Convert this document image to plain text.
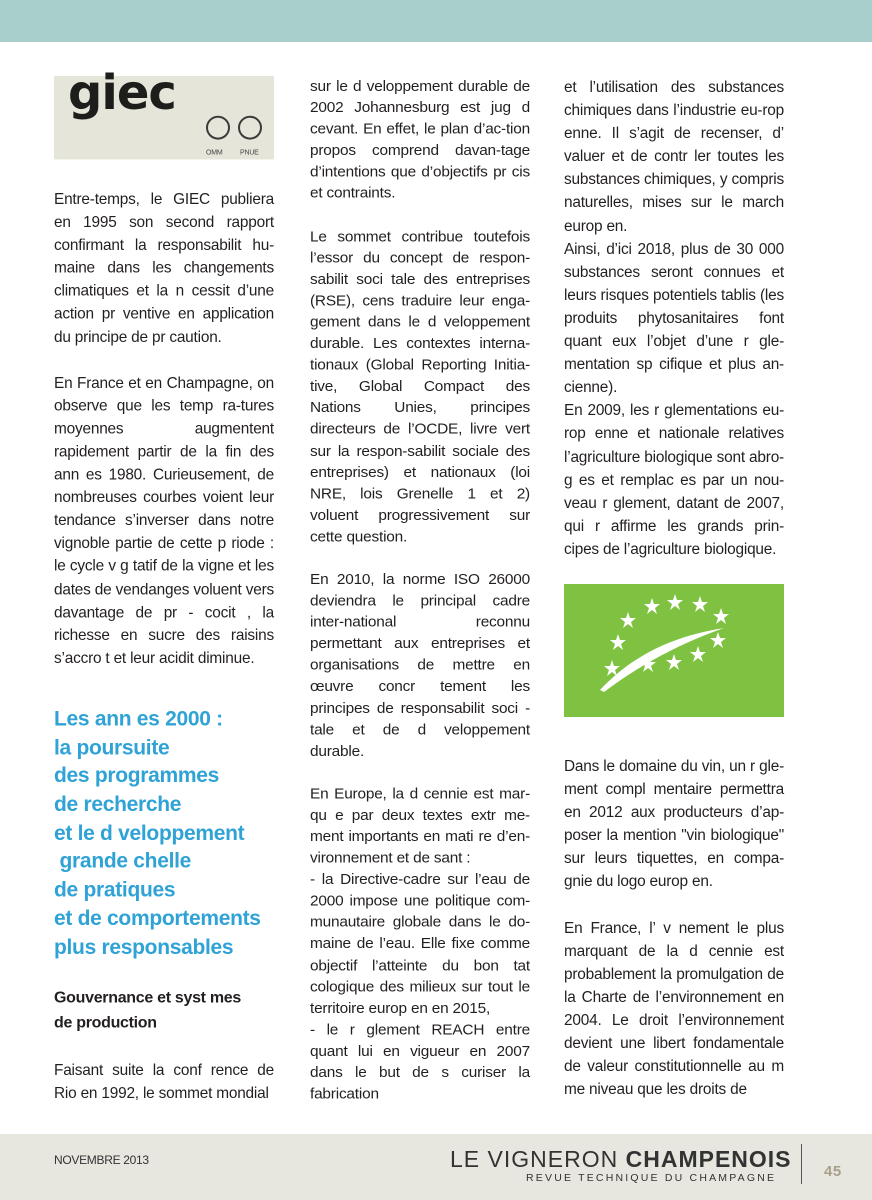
giec
OMM PNUE

Entre-temps, le GIEC publiera en 1995 son second rapport confirmant la responsabilit hu-maine dans les changements climatiques et la n cessit d’une action pr ventive en application du principe de pr caution.

En France et en Champagne, on observe que les temp ra-tures moyennes augmentent rapidement partir de la fin des ann es 1980. Curieusement, de nombreuses courbes voient leur tendance s’inverser dans notre vignoble partie de cette p riode : le cycle v g tatif de la vigne et les dates de vendanges voluent vers davantage de pr - cocit , la richesse en sucre des raisins s’accro t et leur acidit diminue.

Les ann es 2000 :
la poursuite
des programmes
de recherche
et le d veloppement
grande chelle
de pratiques
et de comportements
plus responsables
Gouvernance et syst mes
de production

Faisant suite la conf rence de Rio en 1992, le sommet mondial

sur le d veloppement durable de 2002 Johannesburg est jug d cevant. En effet, le plan d’ac-tion propos comprend davan-tage d’intentions que d’objectifs pr cis et contraints.

Le sommet contribue toutefois l’essor du concept de respon-sabilit soci tale des entreprises (RSE), cens traduire leur enga-gement dans le d veloppement durable. Les contextes interna-tionaux (Global Reporting Initia-tive, Global Compact des Nations Unies, principes directeurs de l’OCDE, livre vert sur la respon-sabilit sociale des entreprises) et nationaux (loi NRE, lois Grenelle 1 et 2) voluent progressivement sur cette question.

En 2010, la norme ISO 26000 deviendra le principal cadre inter-national reconnu permettant aux entreprises et organisations de mettre en œuvre concr tement les principes de responsabilit soci - tale et de d veloppement durable.

En Europe, la d cennie est mar-qu e par deux textes extr me-ment importants en mati re d’en-vironnement et de sant :

- la Directive-cadre sur l’eau de 2000 impose une politique com-munautaire globale dans le do-maine de l’eau. Elle fixe comme objectif l’atteinte du bon tat cologique des milieux sur tout le territoire europ en en 2015,

- le r glement REACH entre quant lui en vigueur en 2007 dans le but de s curiser la fabrication

et l’utilisation des substances chimiques dans l’industrie eu-rop enne. Il s’agit de recenser, d’ valuer et de contr ler toutes les substances chimiques, y compris naturelles, mises sur le march europ en.

Ainsi, d’ici 2018, plus de 30 000 substances seront connues et leurs risques potentiels tablis (les produits phytosanitaires font quant eux l’objet d’une r gle-mentation sp cifique et plus an-cienne).

En 2009, les r glementations eu-rop enne et nationale relatives l’agriculture biologique sont abro-g es et remplac es par un nou-veau r glement, datant de 2007, qui r affirme les grands prin-cipes de l’agriculture biologique.

Dans le domaine du vin, un r gle-ment compl mentaire permettra en 2012 aux producteurs d’ap-poser la mention "vin biologique" sur leurs tiquettes, en compa-gnie du logo europ en.

En France, l’ v nement le plus marquant de la d cennie est probablement la promulgation de la Charte de l’environnement en 2004. Le droit l’environnement devient une libert fondamentale de valeur constitutionnelle au m me niveau que les droits de

NOVEMBRE 2013	LE VIGNERON CHAMPENOIS
REVUE TECHNIQUE DU CHAMPAGNE	45
